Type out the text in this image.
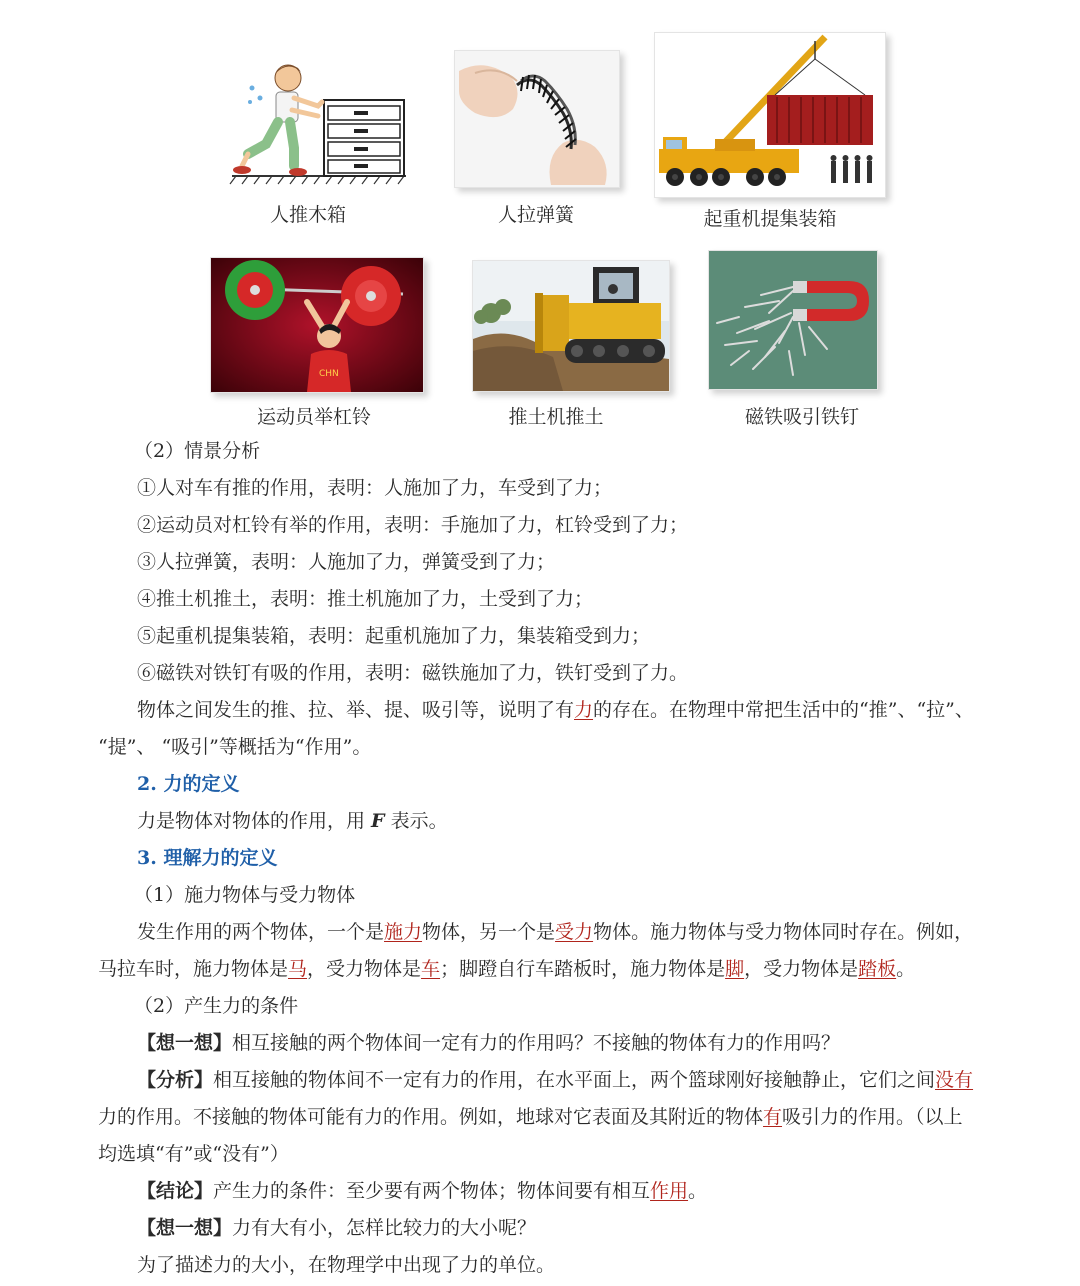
人推木箱	人拉弹簧	起重机提集装箱
CHN
运动员举杠铃	推土机推土	磁铁吸引铁钉
（2）情景分析
①人对车有推的作用，表明：人施加了力，车受到了力；
②运动员对杠铃有举的作用，表明：手施加了力，杠铃受到了力；
③人拉弹簧，表明：人施加了力，弹簧受到了力；
④推土机推土，表明：推土机施加了力，土受到了力；
⑤起重机提集装箱，表明：起重机施加了力，集装箱受到力；
⑥磁铁对铁钉有吸的作用，表明：磁铁施加了力，铁钉受到了力。
物体之间发生的推、拉、举、提、吸引等，说明了有力的存在。在物理中常把生活中的“推”、“拉”、
“提”、 “吸引”等概括为“作用”。
2. 力的定义
力是物体对物体的作用，用 F 表示。
3. 理解力的定义
（1）施力物体与受力物体
发生作用的两个物体，一个是施力物体，另一个是受力物体。施力物体与受力物体同时存在。例如，
马拉车时，施力物体是马，受力物体是车；脚蹬自行车踏板时，施力物体是脚，受力物体是踏板。
（2）产生力的条件
【想一想】相互接触的两个物体间一定有力的作用吗？不接触的物体有力的作用吗？
【分析】相互接触的物体间不一定有力的作用，在水平面上，两个篮球刚好接触静止，它们之间没有
力的作用。不接触的物体可能有力的作用。例如，地球对它表面及其附近的物体有吸引力的作用。（以上
均选填“有”或“没有”）
【结论】产生力的条件：至少要有两个物体；物体间要有相互作用。
【想一想】力有大有小，怎样比较力的大小呢？
为了描述力的大小，在物理学中出现了力的单位。
